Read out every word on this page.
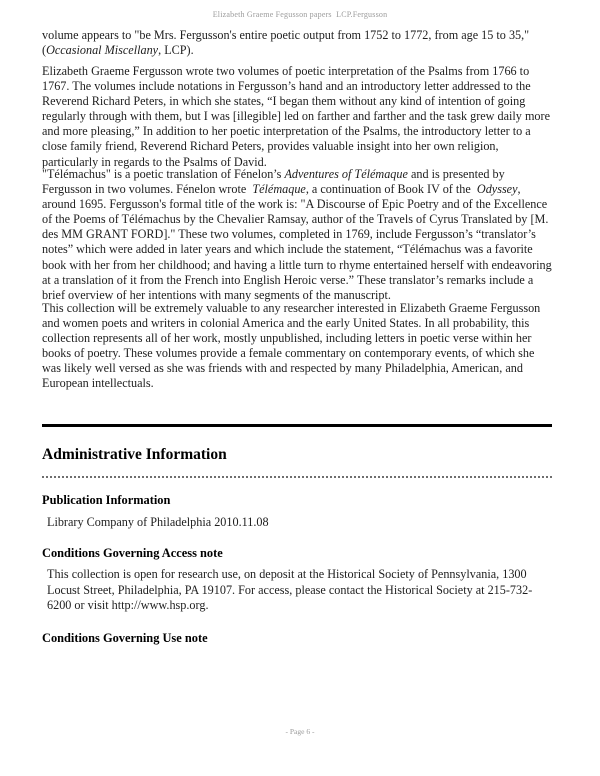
Elizabeth Graeme Fegusson papers  LCP.Fergusson

volume appears to "be Mrs. Fergusson's entire poetic output from 1752 to 1772, from age 15 to 35," (Occasional Miscellany, LCP).

Elizabeth Graeme Fergusson wrote two volumes of poetic interpretation of the Psalms from 1766 to 1767. The volumes include notations in Fergusson’s hand and an introductory letter addressed to the Reverend Richard Peters, in which she states, “I began them without any kind of intention of going regularly through with them, but I was [illegible] led on farther and farther and the task grew daily more and more pleasing,” In addition to her poetic interpretation of the Psalms, the introductory letter to a close family friend, Reverend Richard Peters, provides valuable insight into her own religion, particularly in regards to the Psalms of David.

"Télémachus" is a poetic translation of Fénelon’s Adventures of Télémaque and is presented by Fergusson in two volumes. Fénelon wrote  Télémaque, a continuation of Book IV of the  Odyssey, around 1695. Fergusson's formal title of the work is: "A Discourse of Epic Poetry and of the Excellence of the Poems of Télémachus by the Chevalier Ramsay, author of the Travels of Cyrus Translated by [M. des MM GRANT FORD]." These two volumes, completed in 1769, include Fergusson’s “translator’s notes” which were added in later years and which include the statement, “Télémachus was a favorite book with her from her childhood; and having a little turn to rhyme entertained herself with endeavoring at a translation of it from the French into English Heroic verse.” These translator’s remarks include a brief overview of her intentions with many segments of the manuscript.

This collection will be extremely valuable to any researcher interested in Elizabeth Graeme Fergusson and women poets and writers in colonial America and the early United States. In all probability, this collection represents all of her work, mostly unpublished, including letters in poetic verse within her books of poetry. These volumes provide a female commentary on contemporary events, of which she was likely well versed as she was friends with and respected by many Philadelphia, American, and European intellectuals.

Administrative Information
Publication Information

Library Company of Philadelphia 2010.11.08

Conditions Governing Access note

This collection is open for research use, on deposit at the Historical Society of Pennsylvania, 1300 Locust Street, Philadelphia, PA 19107. For access, please contact the Historical Society at 215-732-6200 or visit http://www.hsp.org.

Conditions Governing Use note
- Page 6 -
